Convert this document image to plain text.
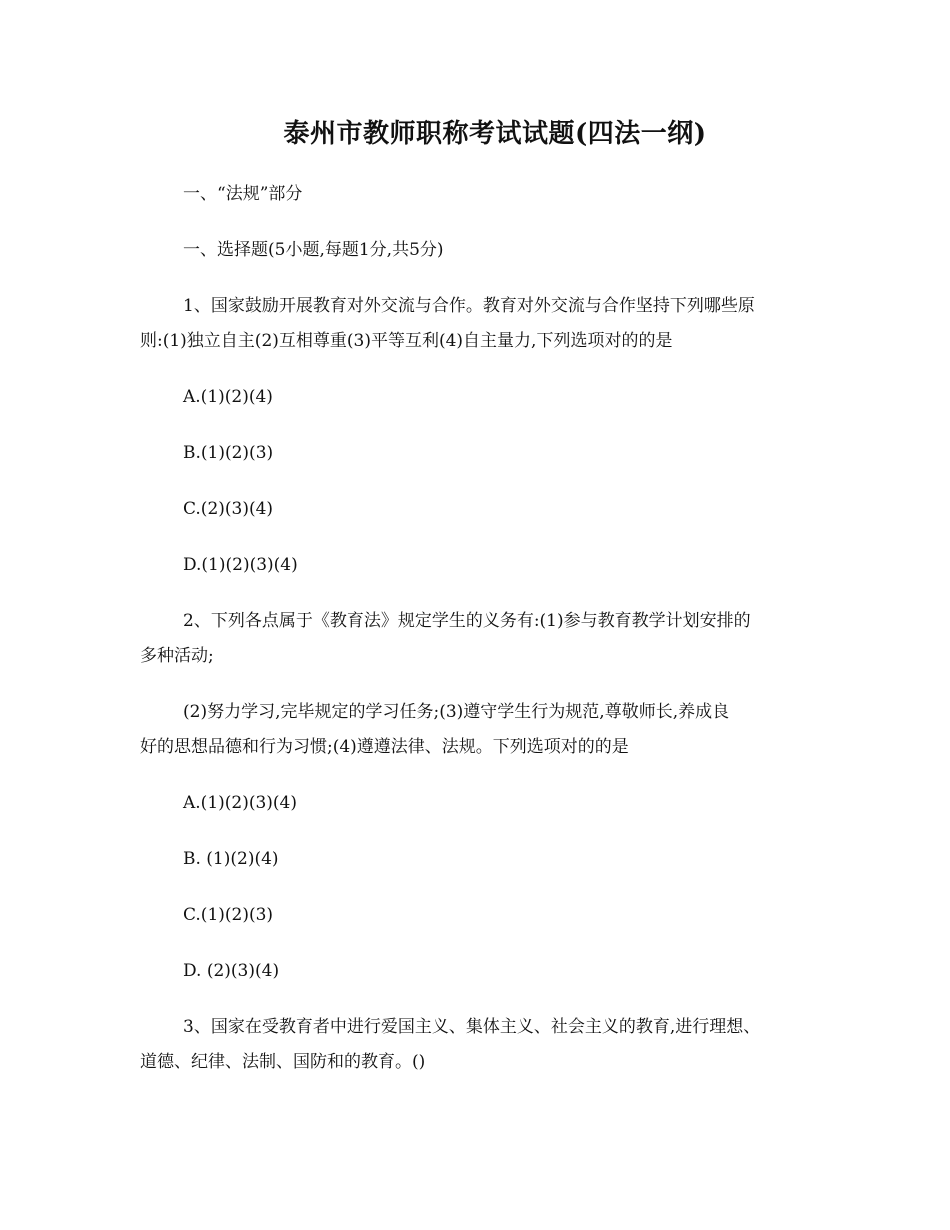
泰州市教师职称考试试题(四法一纲)
一、“法规”部分
一、选择题(5小题,每题1分,共5分)
1、国家鼓励开展教育对外交流与合作。教育对外交流与合作坚持下列哪些原
则:(1)独立自主(2)互相尊重(3)平等互利(4)自主量力,下列选项对的的是
A.(1)(2)(4)
B.(1)(2)(3)
C.(2)(3)(4)
D.(1)(2)(3)(4)
2、下列各点属于《教育法》规定学生的义务有:(1)参与教育教学计划安排的
多种活动;
(2)努力学习,完毕规定的学习任务;(3)遵守学生行为规范,尊敬师长,养成良
好的思想品德和行为习惯;(4)遵遵法律、法规。下列选项对的的是
A.(1)(2)(3)(4)
B. (1)(2)(4)
C.(1)(2)(3)
D. (2)(3)(4)
3、国家在受教育者中进行爱国主义、集体主义、社会主义的教育,进行理想、
道德、纪律、法制、国防和的教育。()
